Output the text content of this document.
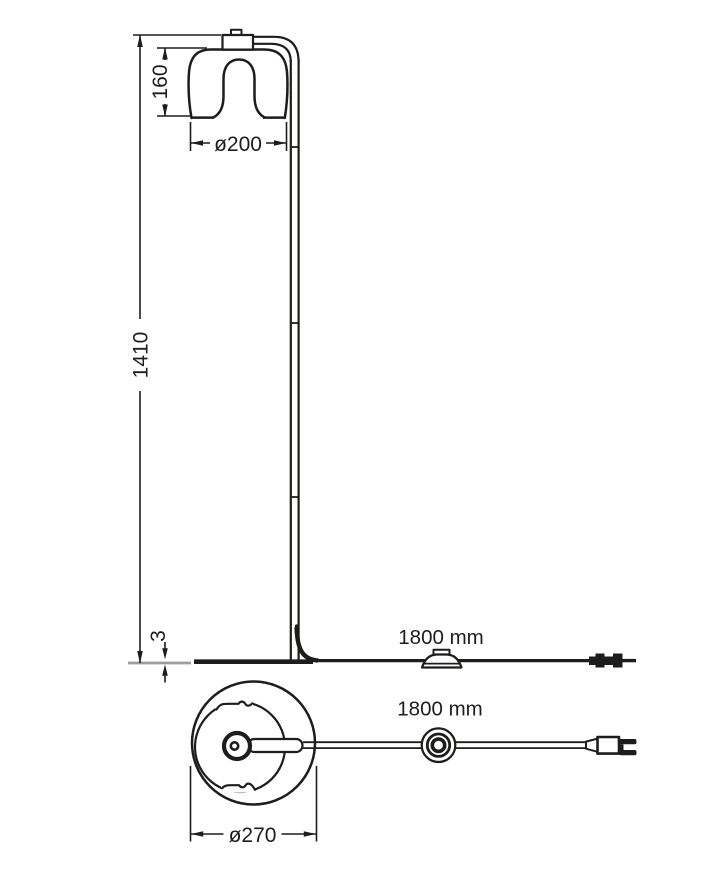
1410
160
ø200
3	1800 mm
ø270
1800 mm
